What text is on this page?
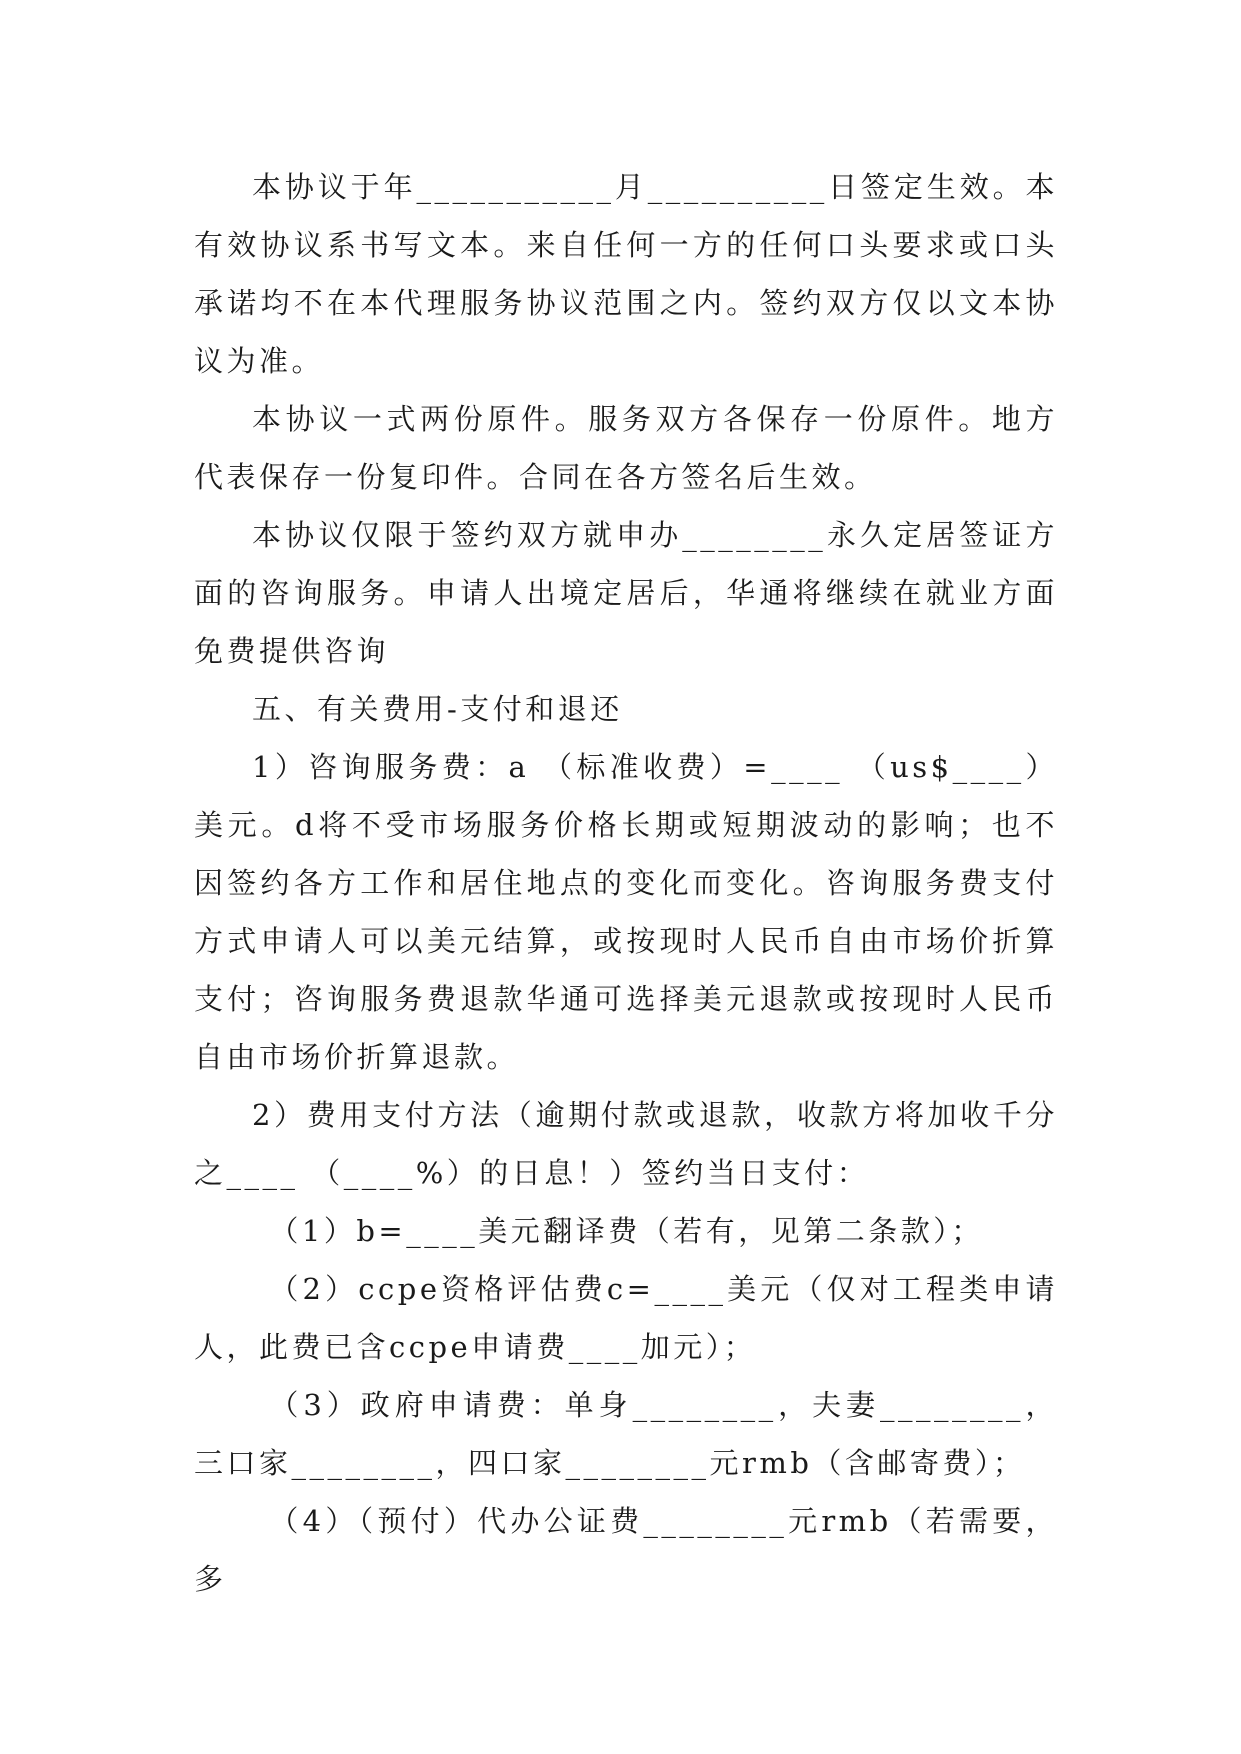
本协议于年___________月__________日签定生效。本有效协议系书写文本。来自任何一方的任何口头要求或口头承诺均不在本代理服务协议范围之内。签约双方仅以文本协议为准。

本协议一式两份原件。服务双方各保存一份原件。地方代表保存一份复印件。合同在各方签名后生效。

本协议仅限于签约双方就申办________永久定居签证方面的咨询服务。申请人出境定居后，华通将继续在就业方面免费提供咨询

五、有关费用-支付和退还

1）咨询服务费：a （标准收费）=____ （us$____）美元。d将不受市场服务价格长期或短期波动的影响；也不因签约各方工作和居住地点的变化而变化。咨询服务费支付方式申请人可以美元结算，或按现时人民币自由市场价折算支付；咨询服务费退款华通可选择美元退款或按现时人民币自由市场价折算退款。

2）费用支付方法（逾期付款或退款，收款方将加收千分之____ （____%）的日息！）签约当日支付：

（1）b=____美元翻译费（若有，见第二条款）；

（2）ccpe资格评估费c=____美元（仅对工程类申请人，此费已含ccpe申请费____加元）；

（3）政府申请费：单身________，夫妻________，三口家________，四口家________元rmb（含邮寄费）；

（4）（预付）代办公证费________元rmb（若需要，多
